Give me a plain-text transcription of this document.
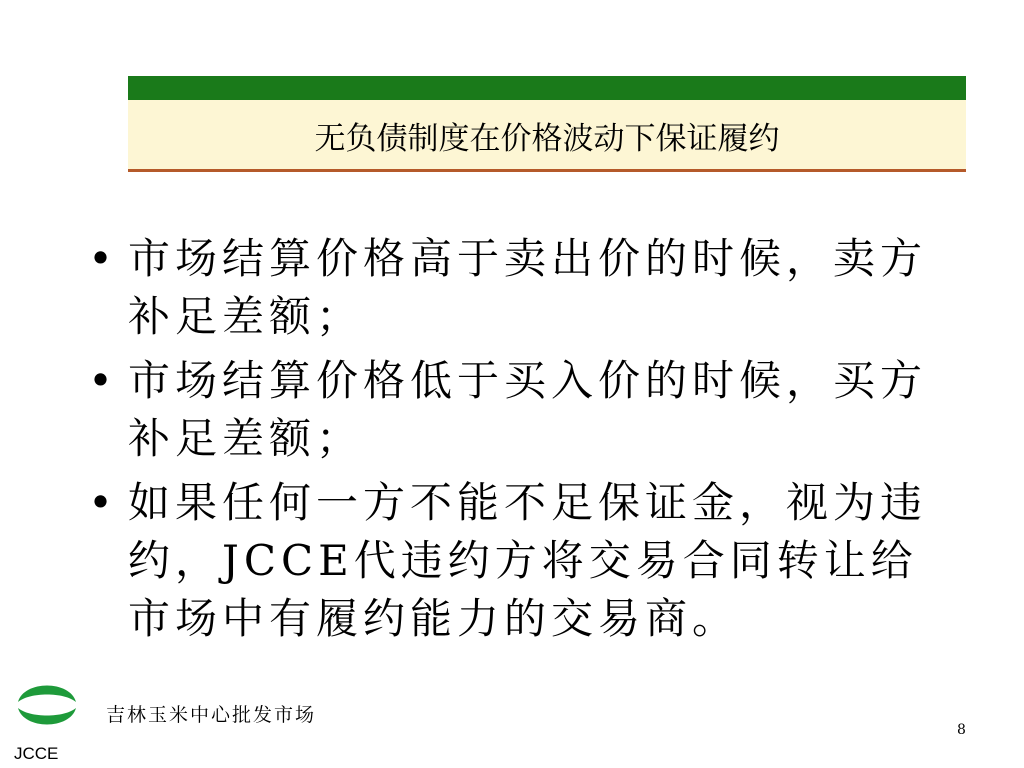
无负债制度在价格波动下保证履约
• 市场结算价格高于卖出价的时候，卖方补足差额；
• 市场结算价格低于买入价的时候，买方补足差额；
• 如果任何一方不能不足保证金，视为违约，JCCE代违约方将交易合同转让给市场中有履约能力的交易商。
JCCE
吉林玉米中心批发市场
8
